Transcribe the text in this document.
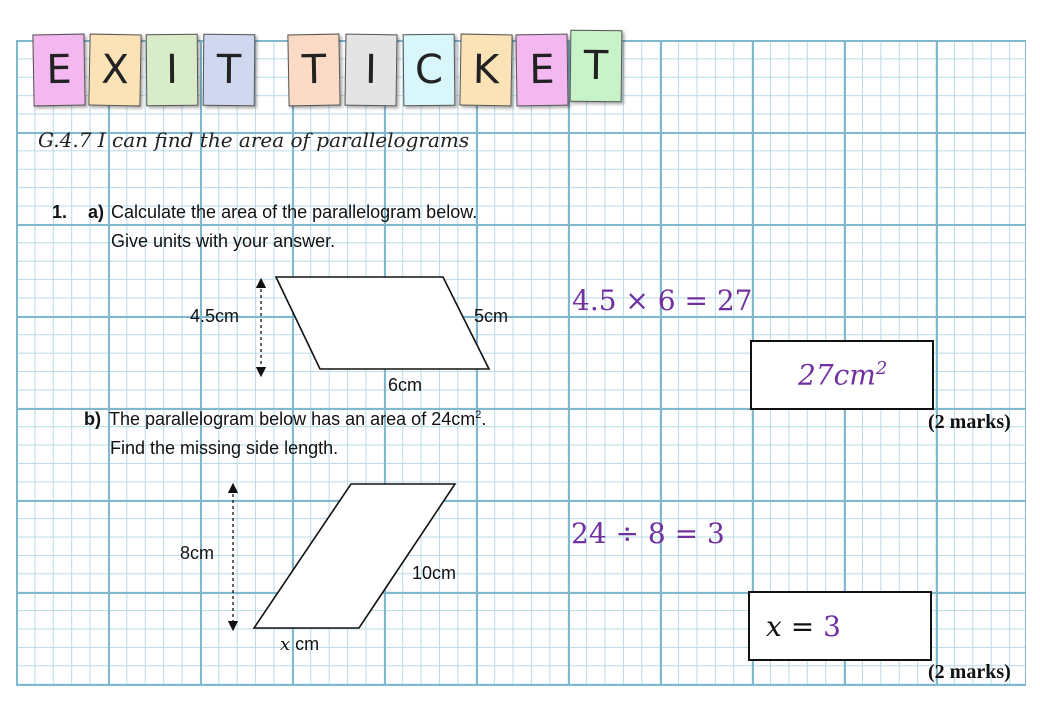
E X I T	T I C K E T
G.4.7 I can find the area of parallelograms
1. a) Calculate the area of the parallelogram below.
Give units with your answer.
4.5cm	5cm
6cm
4.5 × 6 = 27
$27cm^2$
(2 marks)
b) The parallelogram below has an area of $24cm^2$.
Find the missing side length.
8cm
10cm
x cm
24 ÷ 8 = 3
x = 3
(2 marks)
